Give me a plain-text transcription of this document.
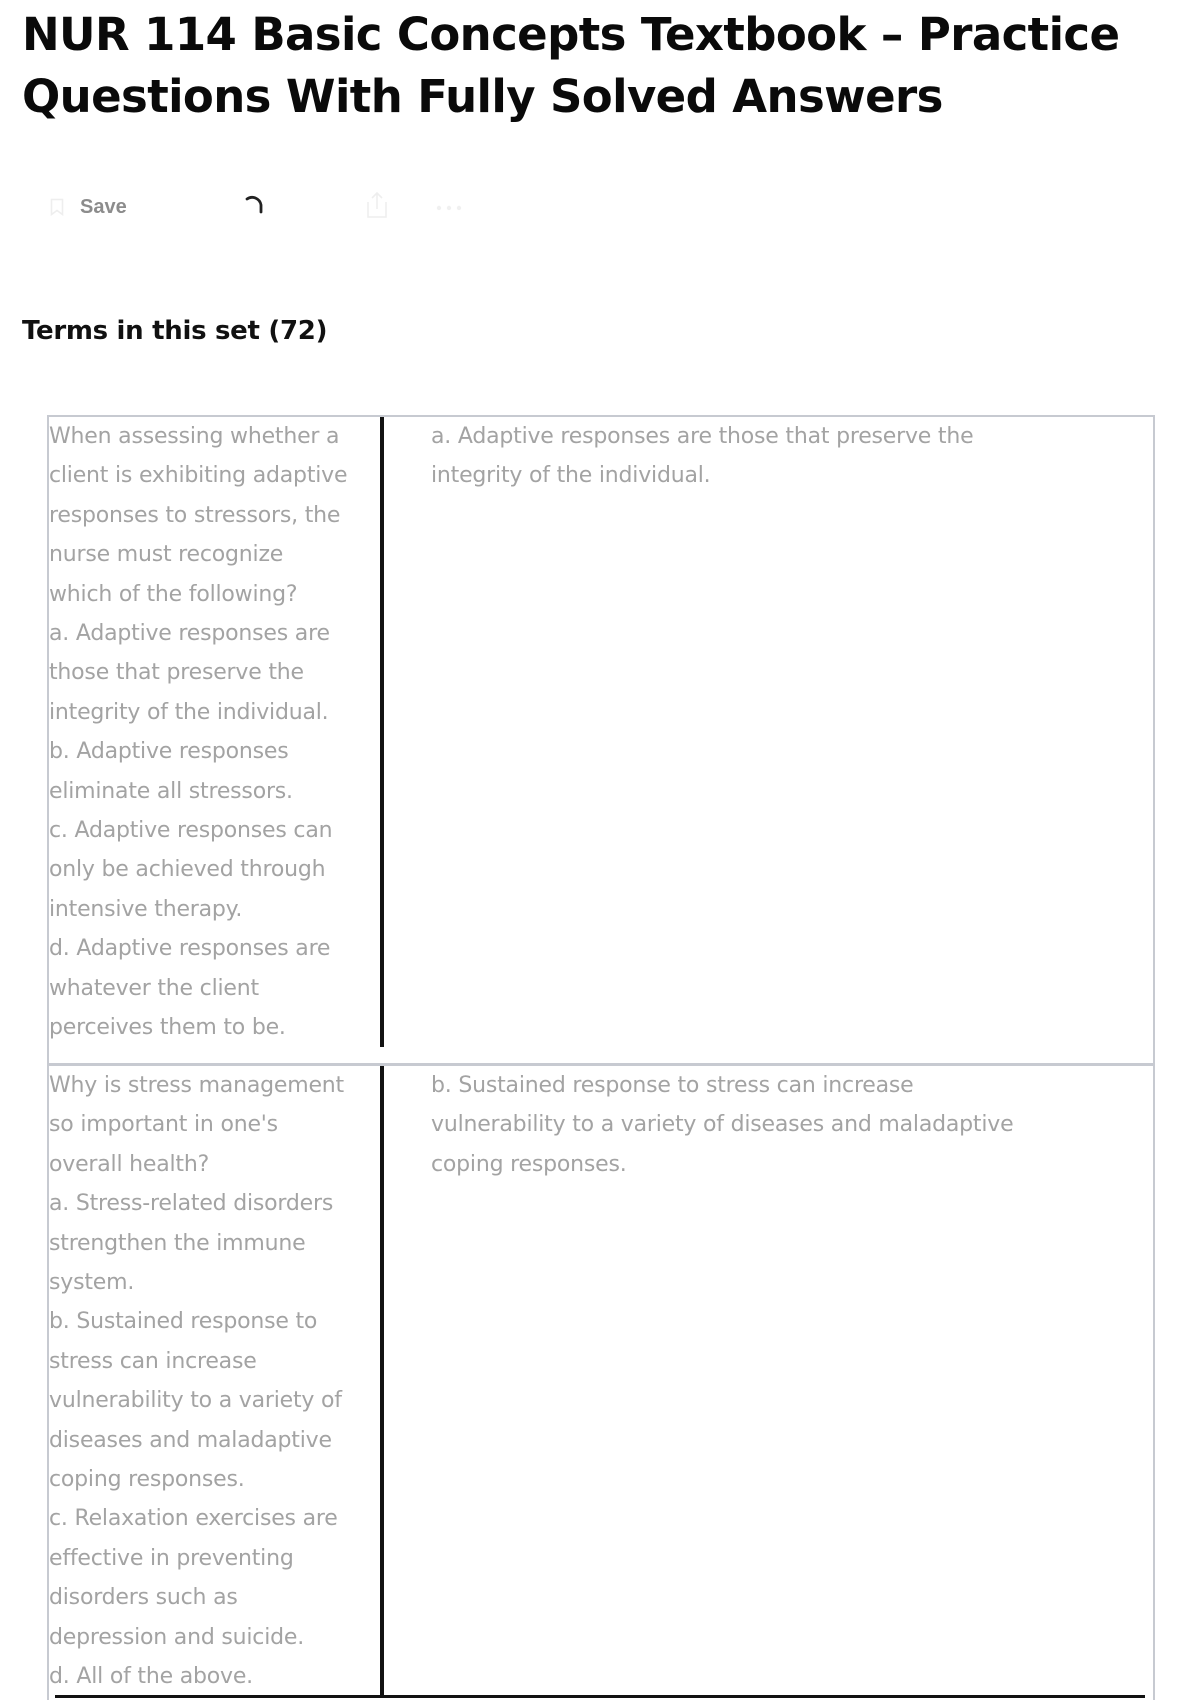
NUR 114 Basic Concepts Textbook – Practice Questions With Fully Solved Answers
Save
Terms in this set (72)

When assessing whether a
client is exhibiting adaptive
responses to stressors, the
nurse must recognize
which of the following?
a. Adaptive responses are
those that preserve the
integrity of the individual.
b. Adaptive responses
eliminate all stressors.
c. Adaptive responses can
only be achieved through
intensive therapy.
d. Adaptive responses are
whatever the client
perceives them to be.

a. Adaptive responses are those that preserve the integrity of the individual.

Why is stress management
so important in one's
overall health?
a. Stress-related disorders
strengthen the immune
system.
b. Sustained response to
stress can increase
vulnerability to a variety of
diseases and maladaptive
coping responses.
c. Relaxation exercises are
effective in preventing
disorders such as
depression and suicide.
d. All of the above.

b. Sustained response to stress can increase vulnerability to a variety of diseases and maladaptive coping responses.
